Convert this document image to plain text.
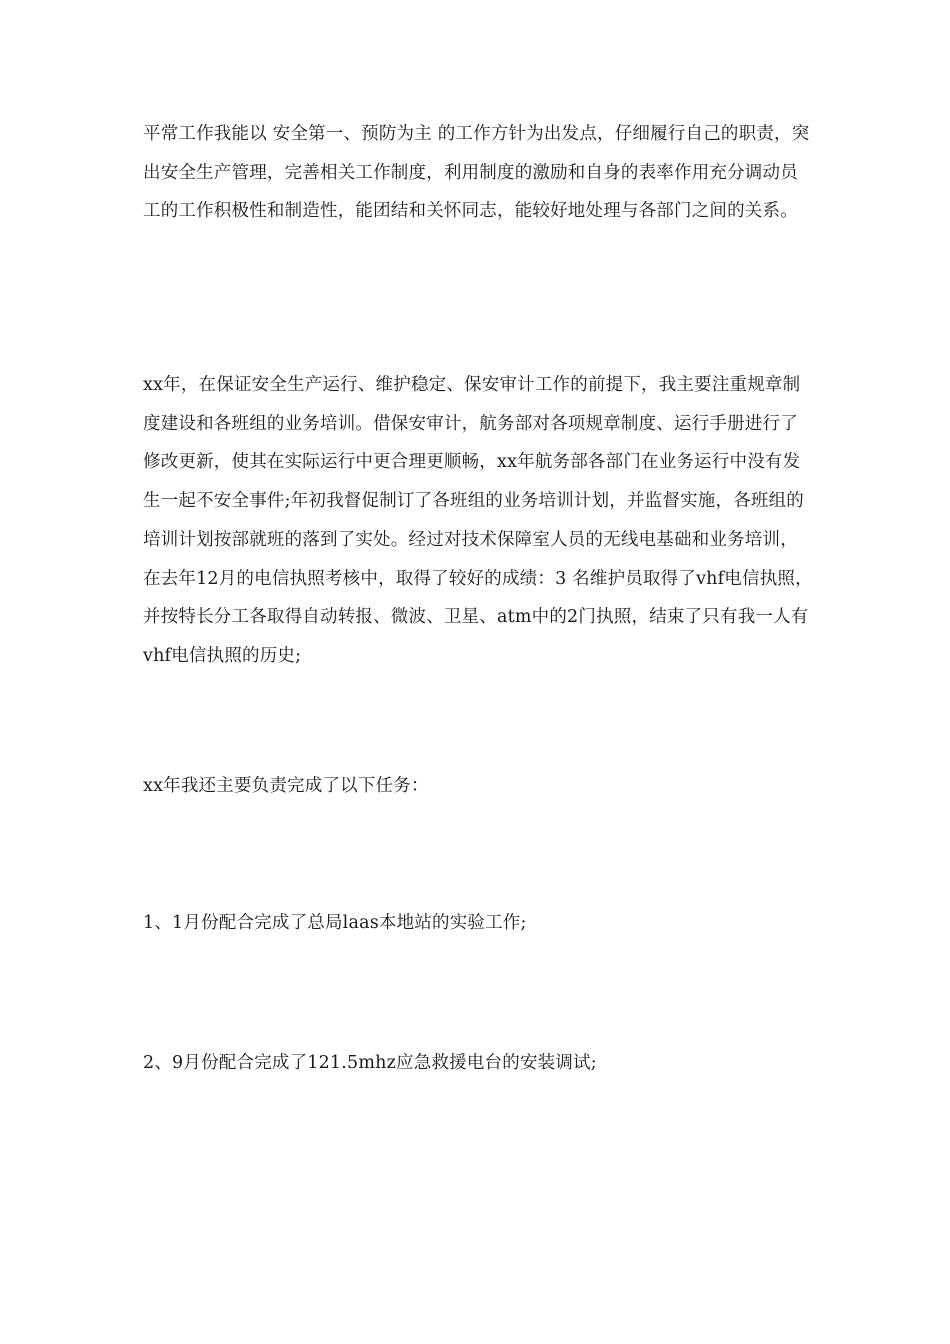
平常工作我能以 安全第一、预防为主 的工作方针为出发点，仔细履行自己的职责，突出安全生产管理，完善相关工作制度，利用制度的激励和自身的表率作用充分调动员工的工作积极性和制造性，能团结和关怀同志，能较好地处理与各部门之间的关系。

xx年，在保证安全生产运行、维护稳定、保安审计工作的前提下，我主要注重规章制度建设和各班组的业务培训。借保安审计，航务部对各项规章制度、运行手册进行了修改更新，使其在实际运行中更合理更顺畅，xx年航务部各部门在业务运行中没有发生一起不安全事件;年初我督促制订了各班组的业务培训计划，并监督实施，各班组的培训计划按部就班的落到了实处。经过对技术保障室人员的无线电基础和业务培训，在去年12月的电信执照考核中，取得了较好的成绩：3 名维护员取得了vhf电信执照，并按特长分工各取得自动转报、微波、卫星、atm中的2门执照，结束了只有我一人有vhf电信执照的历史;

xx年我还主要负责完成了以下任务：

1、1月份配合完成了总局laas本地站的实验工作;

2、9月份配合完成了121.5mhz应急救援电台的安装调试;
